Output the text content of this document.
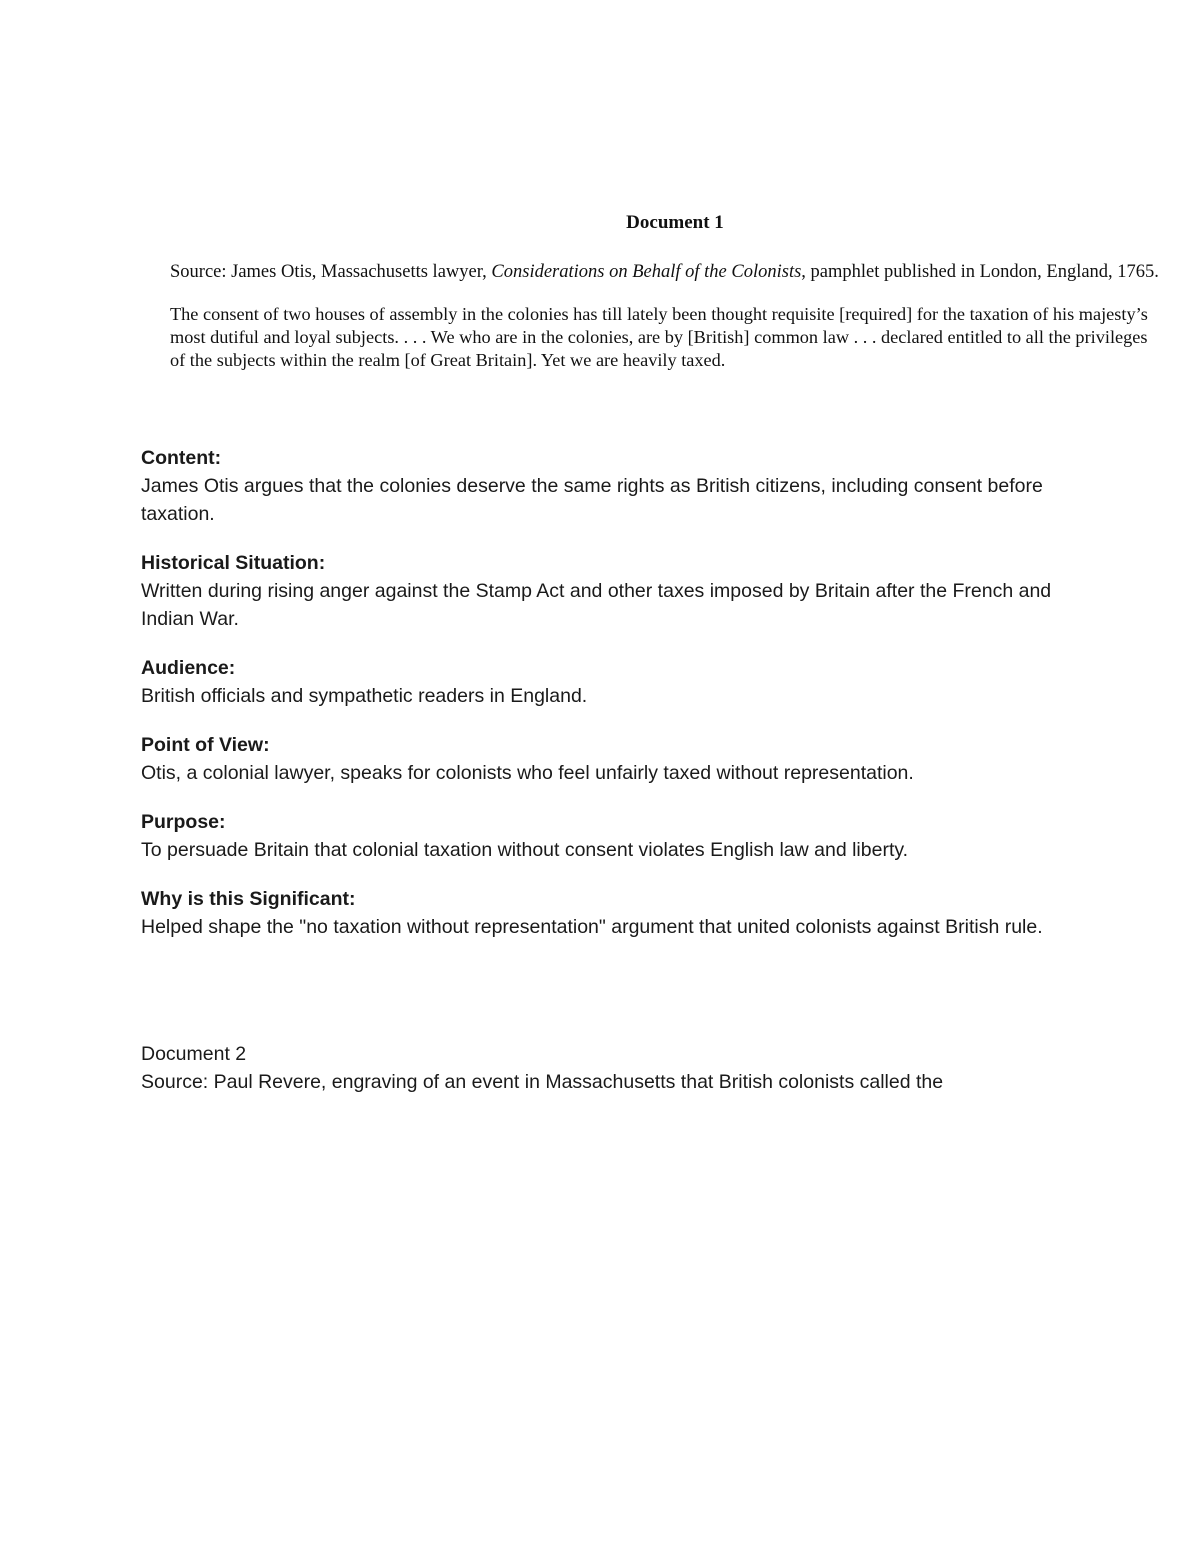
Document 1

Source: James Otis, Massachusetts lawyer, Considerations on Behalf of the Colonists, pamphlet published in London, England, 1765.

The consent of two houses of assembly in the colonies has till lately been thought requisite [required] for the taxation of his majesty’s most dutiful and loyal subjects. . . . We who are in the colonies, are by [British] common law . . . declared entitled to all the privileges of the subjects within the realm [of Great Britain]. Yet we are heavily taxed.

Content:
James Otis argues that the colonies deserve the same rights as British citizens, including consent before taxation.
Historical Situation:
Written during rising anger against the Stamp Act and other taxes imposed by Britain after the French and Indian War.
Audience:
British officials and sympathetic readers in England.
Point of View:
Otis, a colonial lawyer, speaks for colonists who feel unfairly taxed without representation.
Purpose:
To persuade Britain that colonial taxation without consent violates English law and liberty.
Why is this Significant:
Helped shape the "no taxation without representation" argument that united colonists against British rule.
Document 2
Source: Paul Revere, engraving of an event in Massachusetts that British colonists called the
